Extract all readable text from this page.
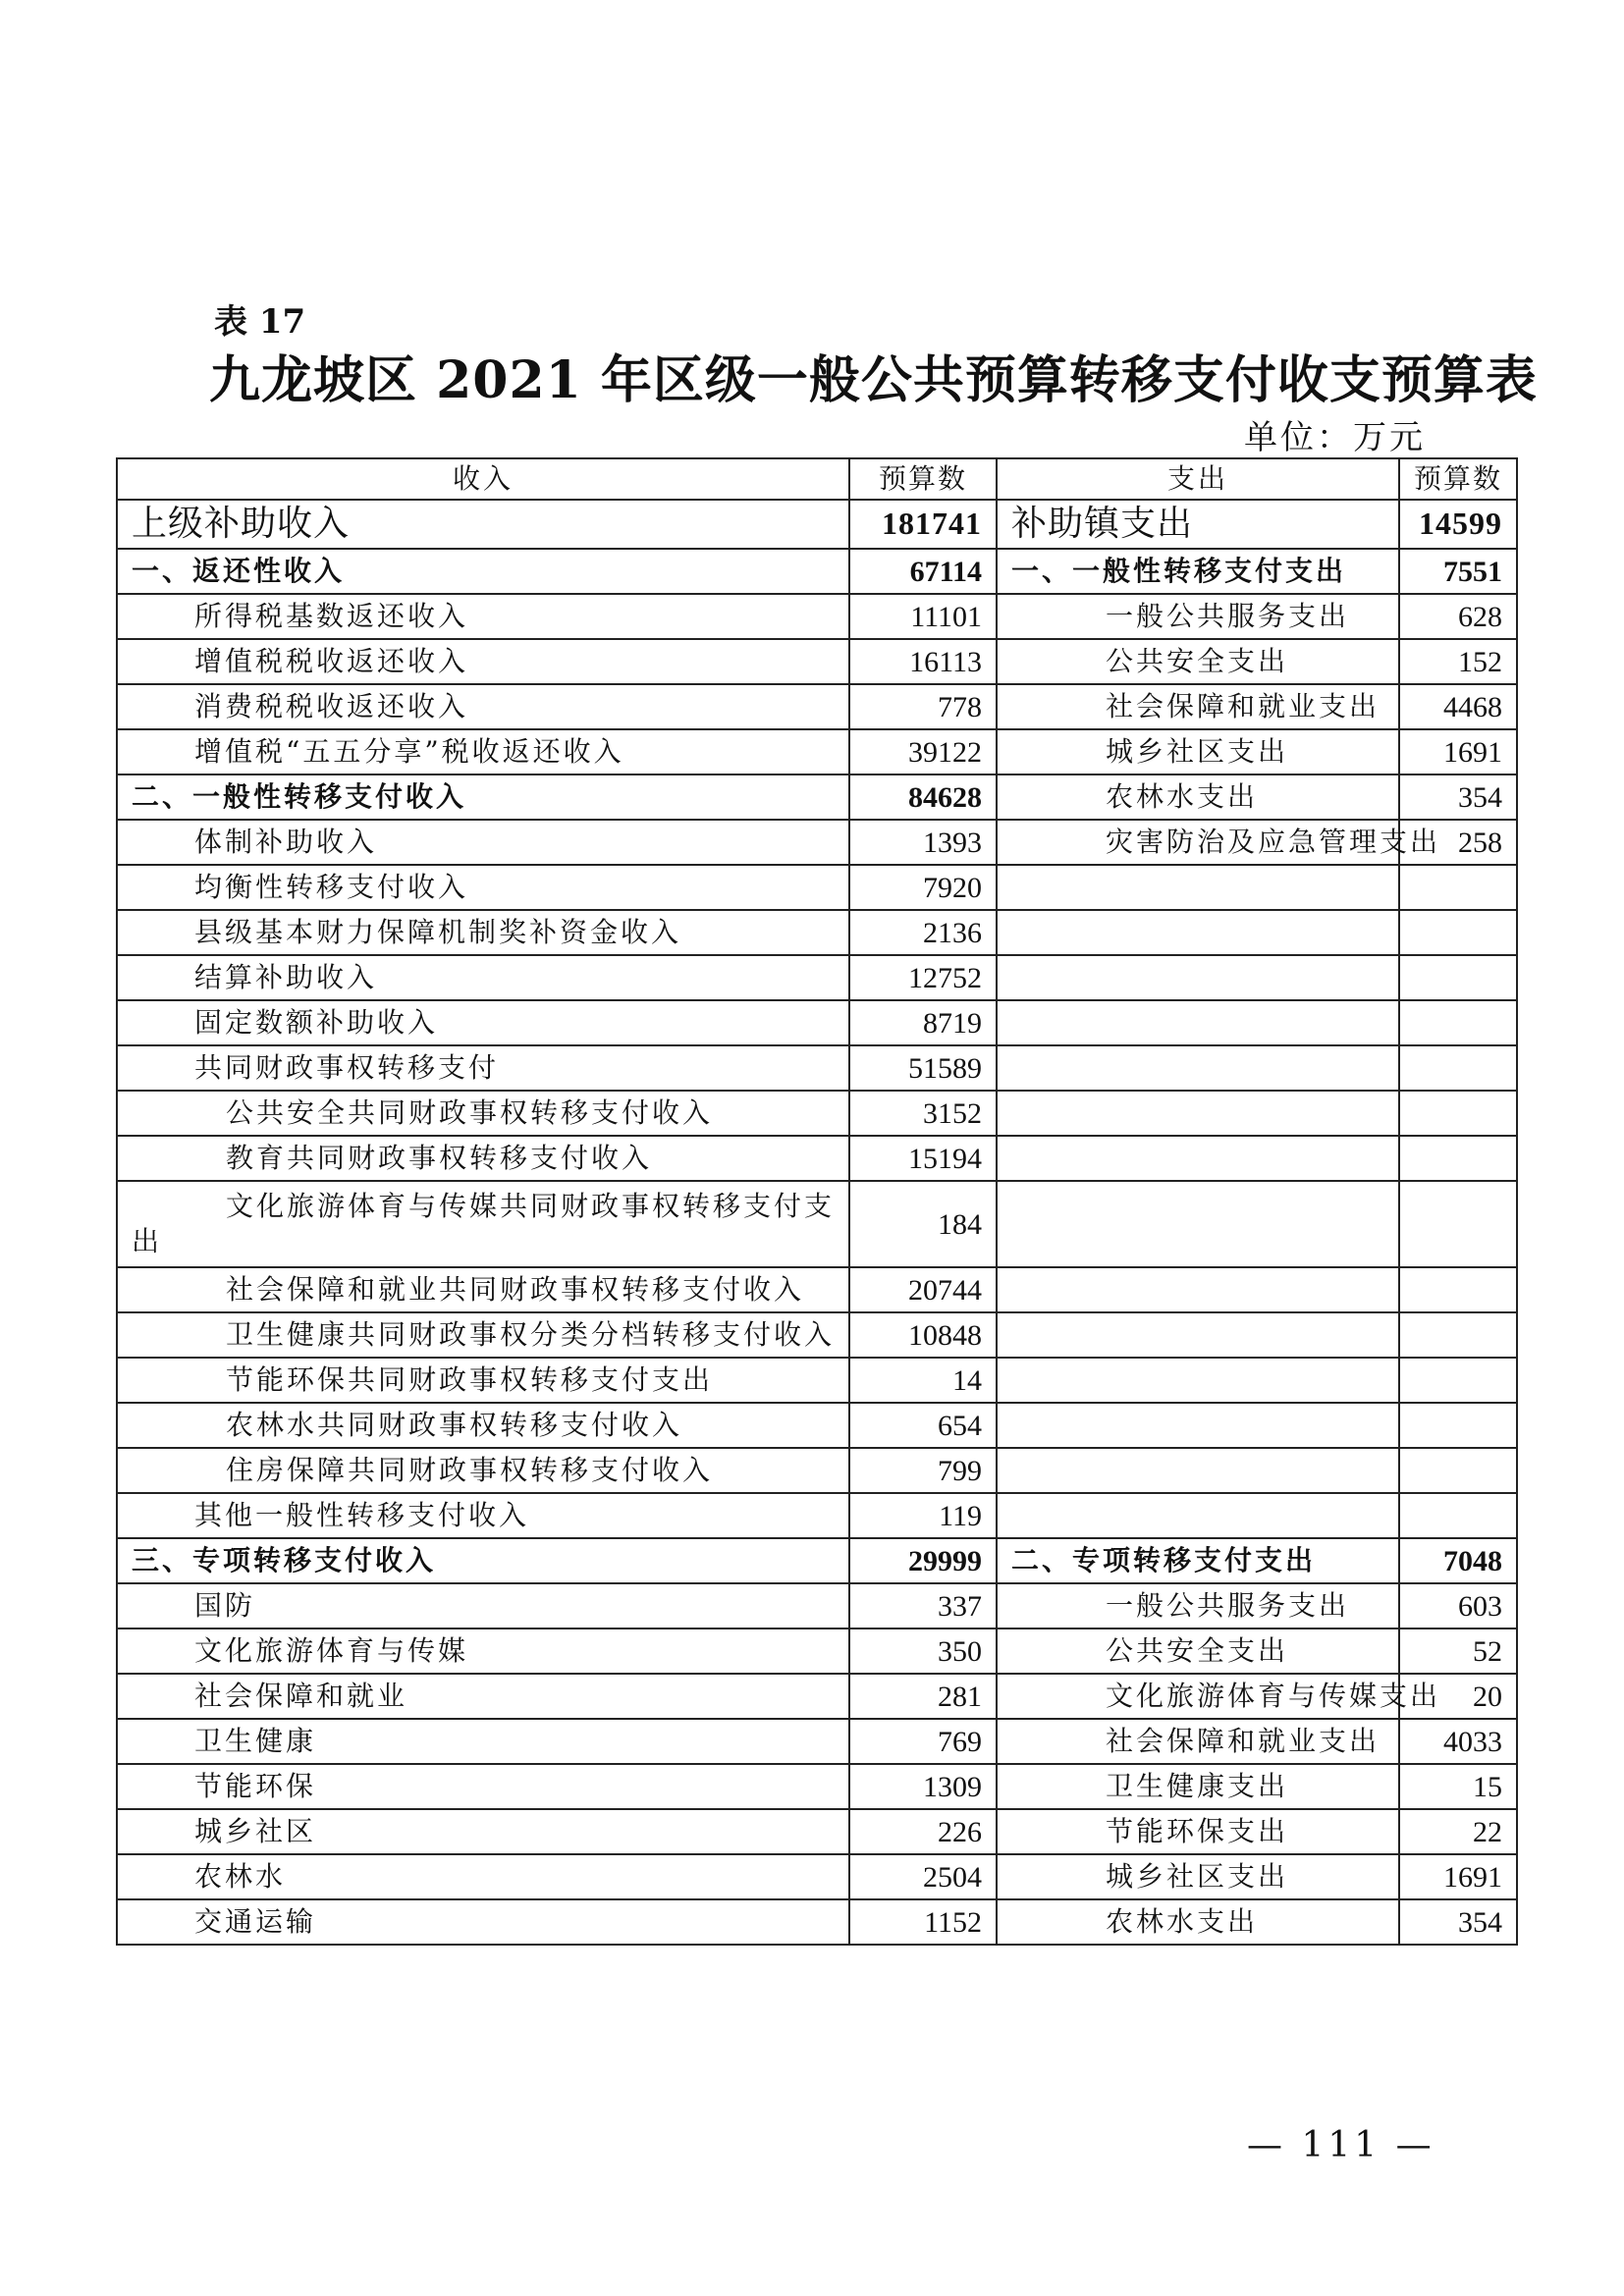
表 17
九龙坡区 2021 年区级一般公共预算转移支付收支预算表
单位：万元
收入	预算数	支出	预算数
上级补助收入	181741	补助镇支出	14599
一、返还性收入	67114	一、一般性转移支付支出	7551
所得税基数返还收入	11101	一般公共服务支出	628
增值税税收返还收入	16113	公共安全支出	152
消费税税收返还收入	778	社会保障和就业支出	4468
增值税“五五分享”税收返还收入	39122	城乡社区支出	1691
二、一般性转移支付收入	84628	农林水支出	354
体制补助收入	1393	灾害防治及应急管理支出	258
均衡性转移支付收入	7920		
县级基本财力保障机制奖补资金收入	2136		
结算补助收入	12752		
固定数额补助收入	8719		
共同财政事权转移支付	51589		
公共安全共同财政事权转移支付收入	3152		
教育共同财政事权转移支付收入	15194		

文化旅游体育与传媒共同财政事权转移支付支
出	184		
社会保障和就业共同财政事权转移支付收入	20744		
卫生健康共同财政事权分类分档转移支付收入	10848		
节能环保共同财政事权转移支付支出	14		
农林水共同财政事权转移支付收入	654		
住房保障共同财政事权转移支付收入	799		
其他一般性转移支付收入	119		
三、专项转移支付收入	29999	二、专项转移支付支出	7048
国防	337	一般公共服务支出	603
文化旅游体育与传媒	350	公共安全支出	52
社会保障和就业	281	文化旅游体育与传媒支出	20
卫生健康	769	社会保障和就业支出	4033
节能环保	1309	卫生健康支出	15
城乡社区	226	节能环保支出	22
农林水	2504	城乡社区支出	1691
交通运输	1152	农林水支出	354
— 111 —
